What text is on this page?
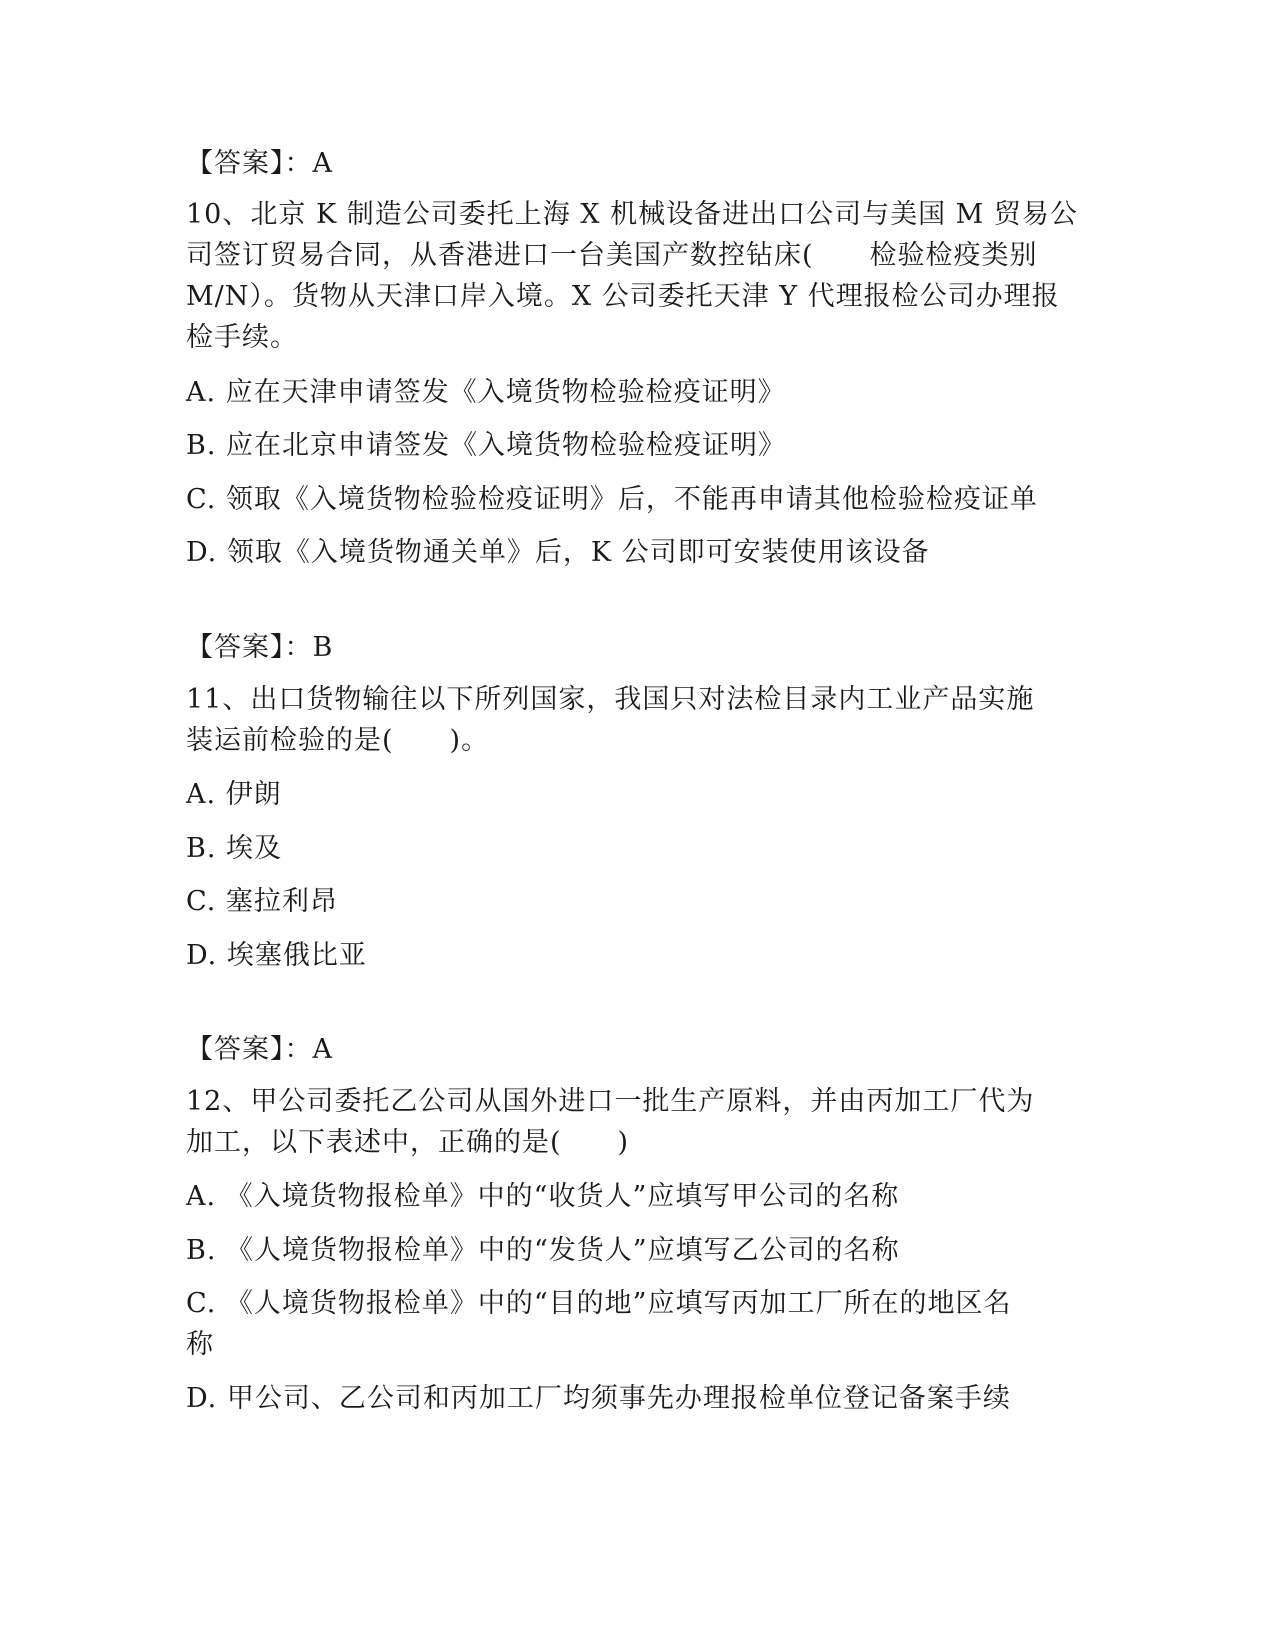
【答案】：A
10、北京 K 制造公司委托上海 X 机械设备进出口公司与美国 M 贸易公
司签订贸易合同，从香港进口一台美国产数控钻床(　　检验检疫类别
M/N）。货物从天津口岸入境。X 公司委托天津 Y 代理报检公司办理报
检手续。
A. 应在天津申请签发《入境货物检验检疫证明》
B. 应在北京申请签发《入境货物检验检疫证明》
C. 领取《入境货物检验检疫证明》后，不能再申请其他检验检疫证单
D. 领取《入境货物通关单》后，K 公司即可安装使用该设备
【答案】：B
11、出口货物输往以下所列国家，我国只对法检目录内工业产品实施
装运前检验的是(　　)。
A. 伊朗
B. 埃及
C. 塞拉利昂
D. 埃塞俄比亚
【答案】：A
12、甲公司委托乙公司从国外进口一批生产原料，并由丙加工厂代为
加工，以下表述中，正确的是(　　)
A. 《入境货物报检单》中的“收货人”应填写甲公司的名称
B. 《人境货物报检单》中的“发货人”应填写乙公司的名称
C. 《人境货物报检单》中的“目的地”应填写丙加工厂所在的地区名
称
D. 甲公司、乙公司和丙加工厂均须事先办理报检单位登记备案手续
